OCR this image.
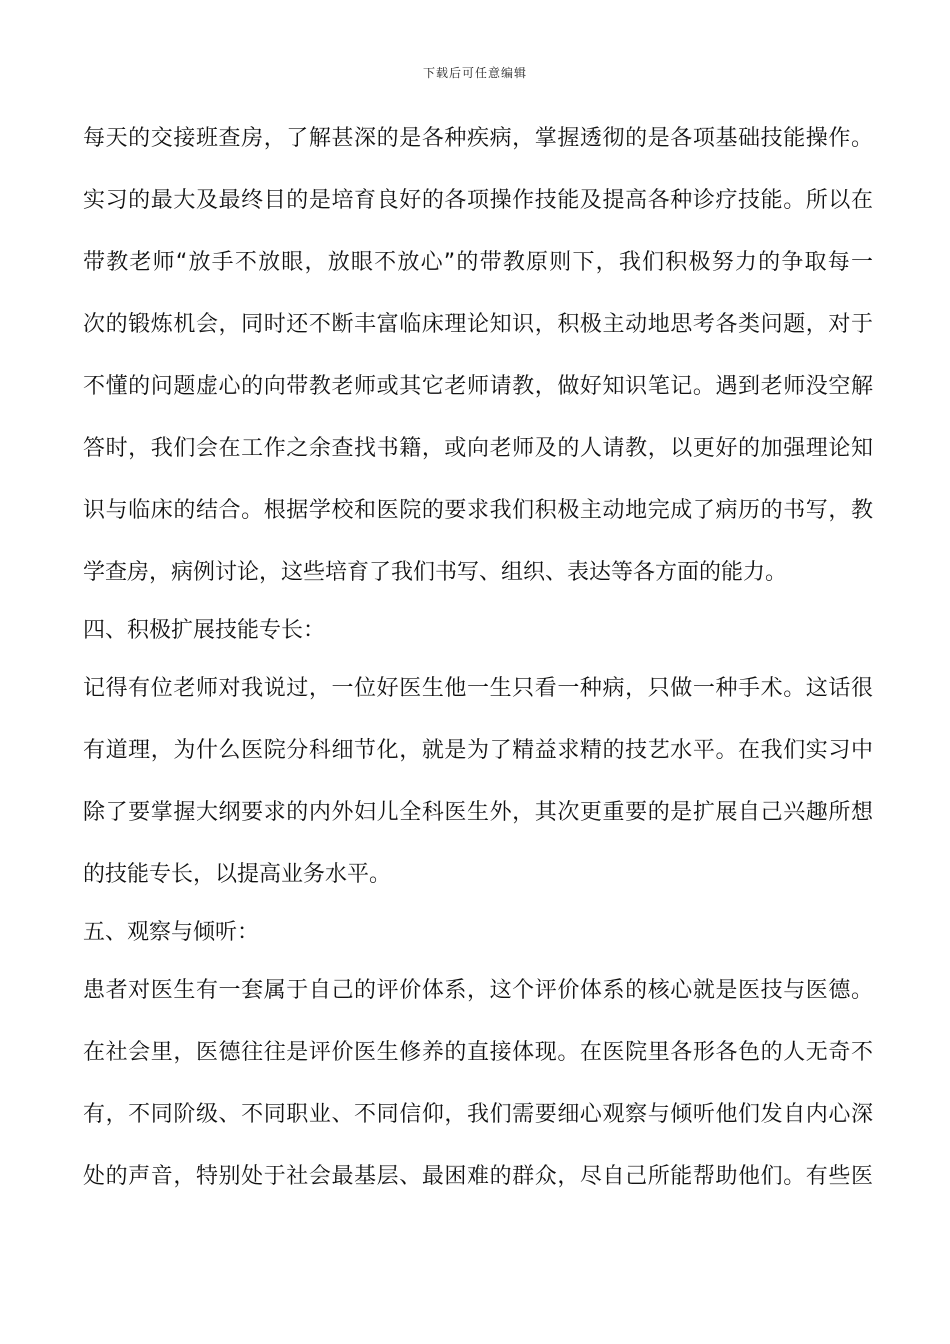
下载后可任意编辑
每天的交接班查房，了解甚深的是各种疾病，掌握透彻的是各项基础技能操作。
实习的最大及最终目的是培育良好的各项操作技能及提高各种诊疗技能。所以在
带教老师“放手不放眼，放眼不放心”的带教原则下，我们积极努力的争取每一
次的锻炼机会，同时还不断丰富临床理论知识，积极主动地思考各类问题，对于
不懂的问题虚心的向带教老师或其它老师请教，做好知识笔记。遇到老师没空解
答时，我们会在工作之余查找书籍，或向老师及的人请教，以更好的加强理论知
识与临床的结合。根据学校和医院的要求我们积极主动地完成了病历的书写，教
学查房，病例讨论，这些培育了我们书写、组织、表达等各方面的能力。
四、积极扩展技能专长：
记得有位老师对我说过，一位好医生他一生只看一种病，只做一种手术。这话很
有道理，为什么医院分科细节化，就是为了精益求精的技艺水平。在我们实习中
除了要掌握大纲要求的内外妇儿全科医生外，其次更重要的是扩展自己兴趣所想
的技能专长，以提高业务水平。
五、观察与倾听：
患者对医生有一套属于自己的评价体系，这个评价体系的核心就是医技与医德。
在社会里，医德往往是评价医生修养的直接体现。在医院里各形各色的人无奇不
有，不同阶级、不同职业、不同信仰，我们需要细心观察与倾听他们发自内心深
处的声音，特别处于社会最基层、最困难的群众，尽自己所能帮助他们。有些医
